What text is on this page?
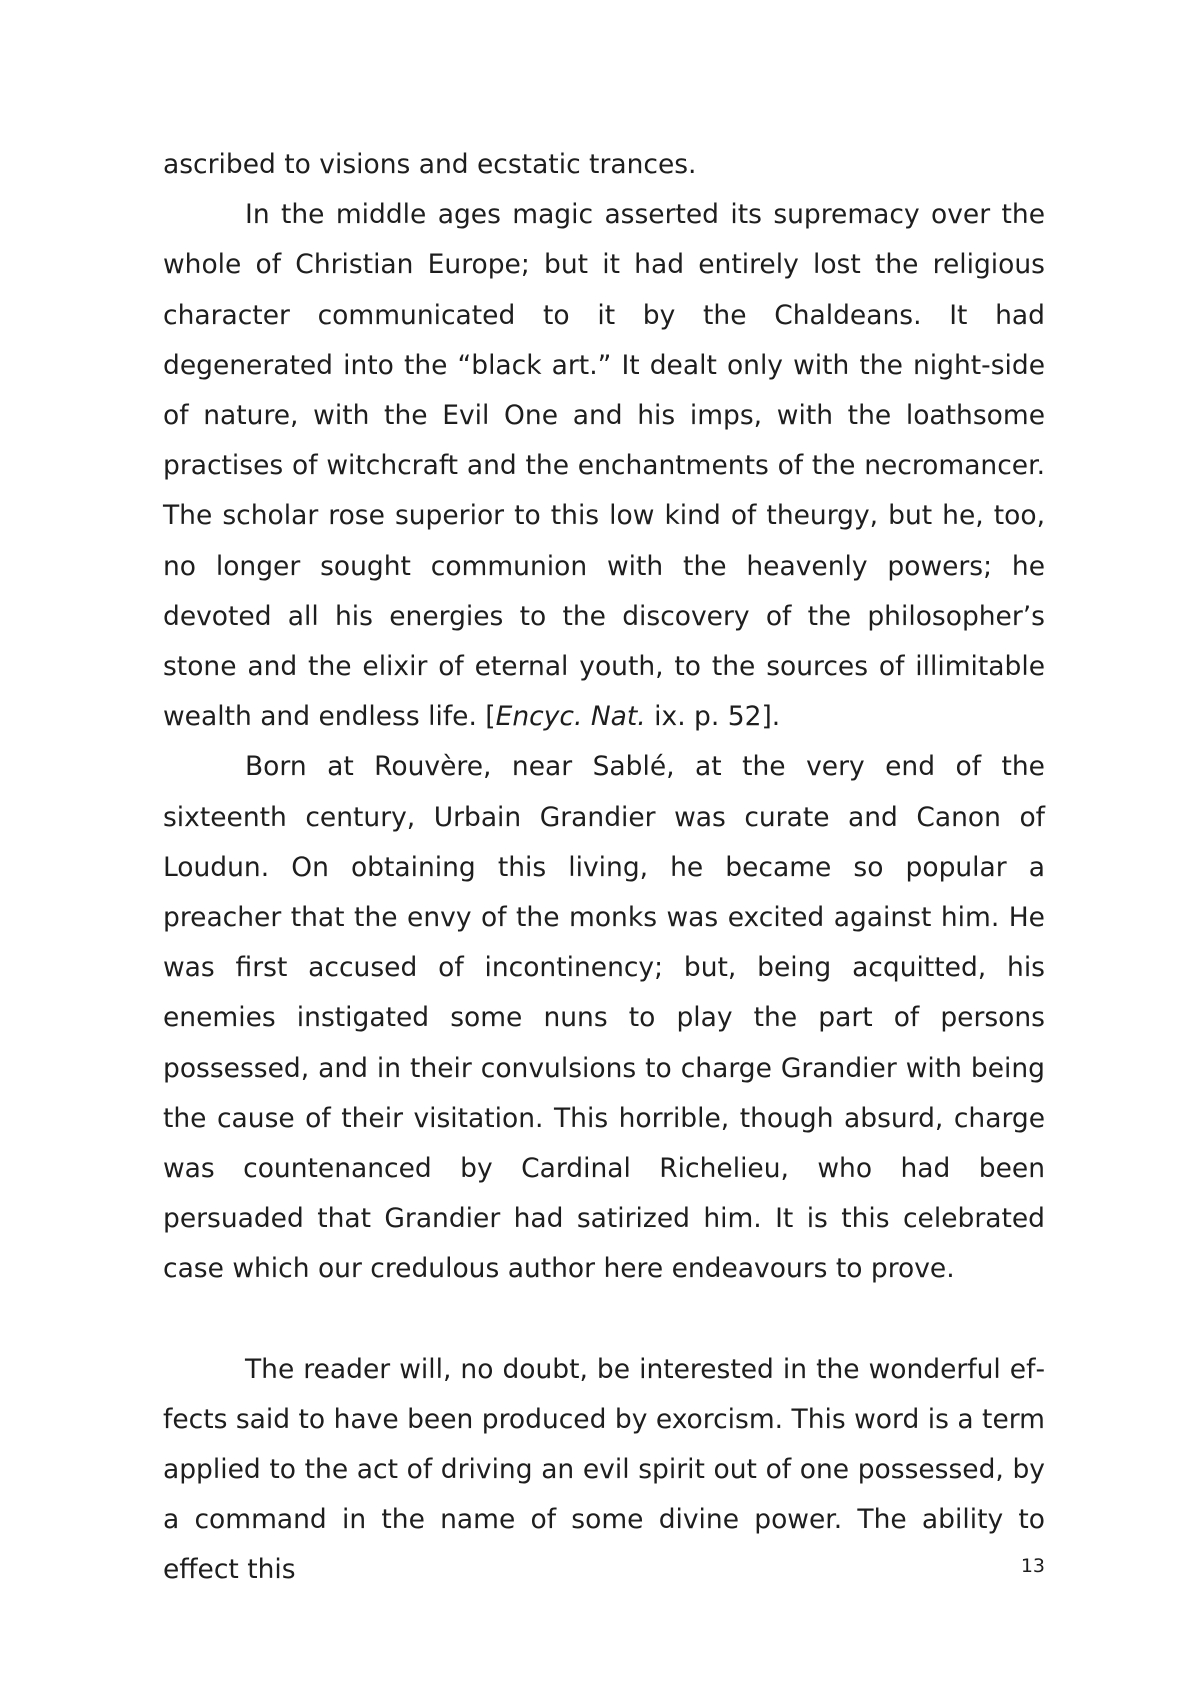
ascribed to visions and ecstatic trances.

In the middle ages magic asserted its supremacy over the whole of Christian Europe; but it had entirely lost the religious character communicated to it by the Chaldeans. It had degenerated into the “black art.” It dealt only with the night-side of nature, with the Evil One and his imps, with the loathsome practises of witchcraft and the enchantments of the necromancer. The scholar rose superior to this low kind of theurgy, but he, too, no longer sought communion with the heavenly powers; he devoted all his energies to the discovery of the philosopher’s stone and the elixir of eternal youth, to the sources of illimitable wealth and endless life. [Encyc. Nat. ix. p. 52].

Born at Rouvère, near Sablé, at the very end of the sixteenth century, Urbain Grandier was curate and Canon of Loudun. On obtaining this living, he became so popular a preacher that the envy of the monks was excited against him. He was first accused of incontinency; but, being acquitted, his enemies instigated some nuns to play the part of persons possessed, and in their convulsions to charge Grandier with being the cause of their visitation. This horrible, though absurd, charge was countenanced by Cardinal Richelieu, who had been persuaded that Grandier had satirized him. It is this celebrated case which our credulous author here endeavours to prove.

The reader will, no doubt, be interested in the wonderful effects said to have been produced by exorcism. This word is a term applied to the act of driving an evil spirit out of one possessed, by a command in the name of some divine power. The ability to effect this	13
